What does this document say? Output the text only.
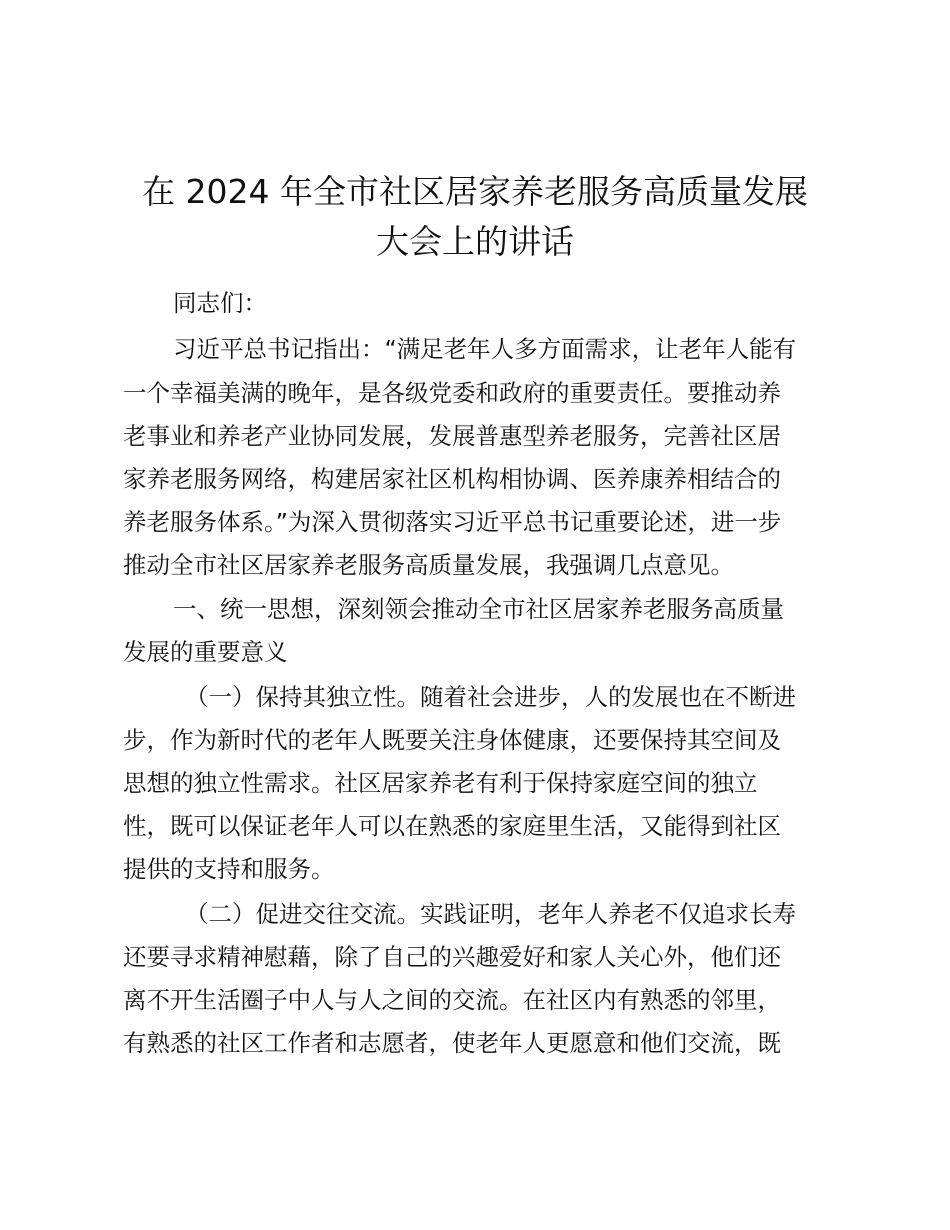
在 2024 年全市社区居家养老服务高质量发展
大会上的讲话

同志们：

习近平总书记指出：“满足老年人多方面需求，让老年人能有

一个幸福美满的晚年，是各级党委和政府的重要责任。要推动养

老事业和养老产业协同发展，发展普惠型养老服务，完善社区居

家养老服务网络，构建居家社区机构相协调、医养康养相结合的

养老服务体系。”为深入贯彻落实习近平总书记重要论述，进一步

推动全市社区居家养老服务高质量发展，我强调几点意见。

一、统一思想，深刻领会推动全市社区居家养老服务高质量

发展的重要意义

（一）保持其独立性。随着社会进步，人的发展也在不断进

步，作为新时代的老年人既要关注身体健康，还要保持其空间及

思想的独立性需求。社区居家养老有利于保持家庭空间的独立

性，既可以保证老年人可以在熟悉的家庭里生活，又能得到社区

提供的支持和服务。

（二）促进交往交流。实践证明，老年人养老不仅追求长寿

还要寻求精神慰藉，除了自己的兴趣爱好和家人关心外，他们还

离不开生活圈子中人与人之间的交流。在社区内有熟悉的邻里，

有熟悉的社区工作者和志愿者，使老年人更愿意和他们交流，既
